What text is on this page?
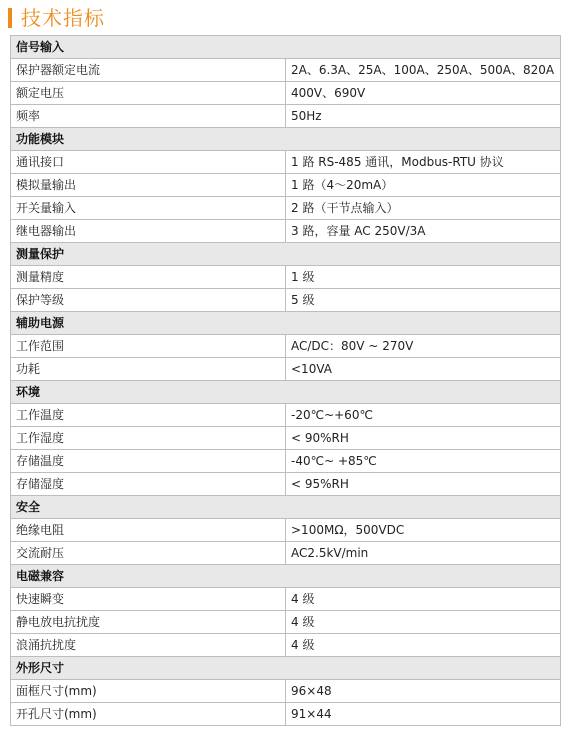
技术指标
信号输入	
保护器额定电流	2A、6.3A、25A、100A、250A、500A、820A
额定电压	400V、690V
频率	50Hz
功能模块	
通讯接口	1 路 RS-485 通讯，Modbus-RTU 协议
模拟量输出	1 路（4～20mA）
开关量输入	2 路（干节点输入）
继电器输出	3 路，容量 AC 250V/3A
测量保护	
测量精度	1 级
保护等级	5 级
辅助电源	
工作范围	AC/DC：80V ~ 270V
功耗	<10VA
环境	
工作温度	-20℃~+60℃
工作湿度	< 90%RH
存储温度	-40℃~ +85℃
存储湿度	< 95%RH
安全	
绝缘电阻	>100MΩ，500VDC
交流耐压	AC2.5kV/min
电磁兼容	
快速瞬变	4 级
静电放电抗扰度	4 级
浪涌抗扰度	4 级
外形尺寸	
面框尺寸(mm)	96×48
开孔尺寸(mm)	91×44
